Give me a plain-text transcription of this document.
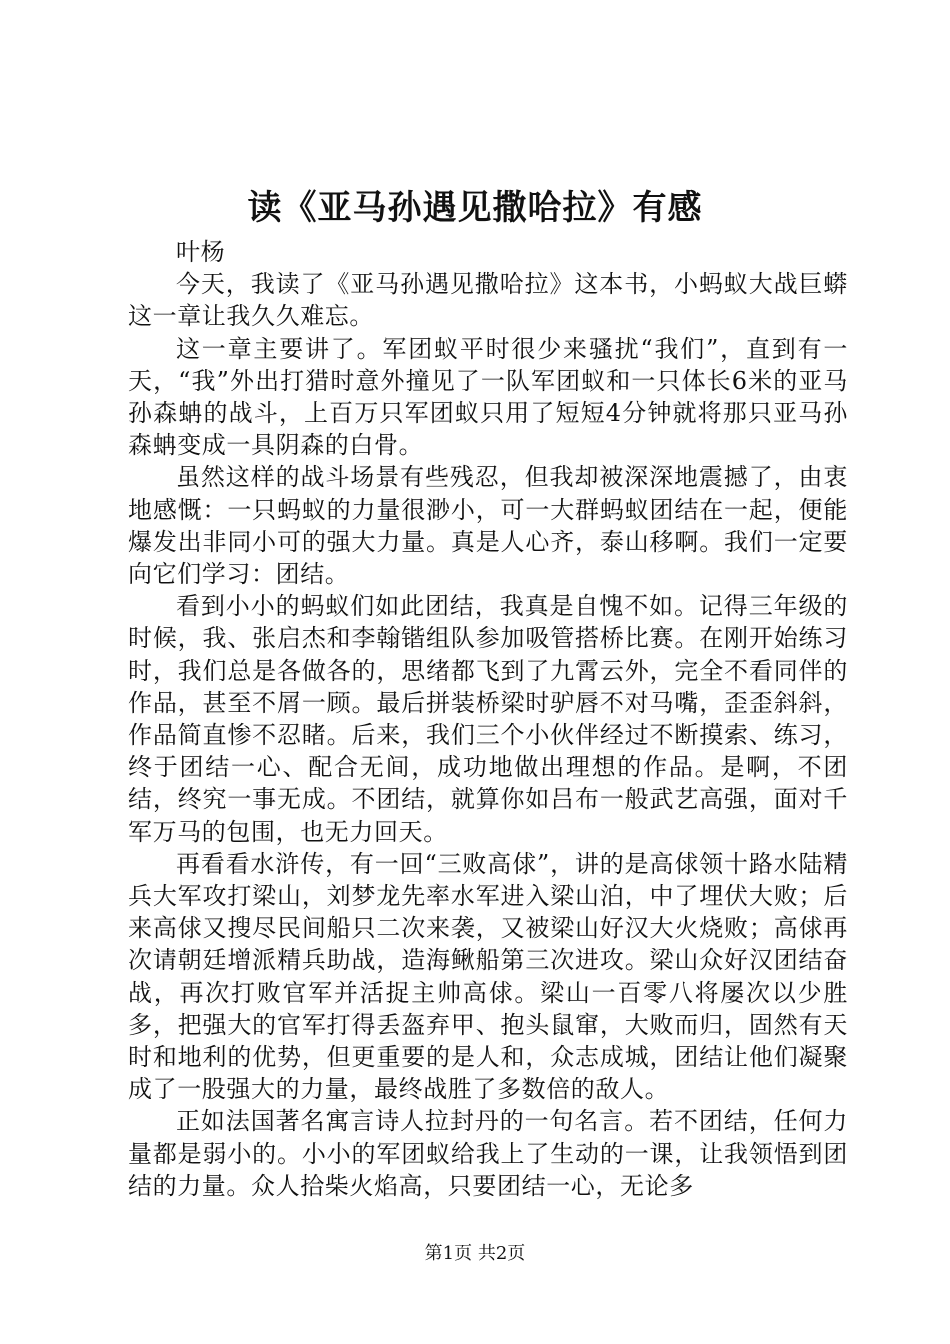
读《亚马孙遇见撒哈拉》有感
叶杨

今天，我读了《亚马孙遇见撒哈拉》这本书，小蚂蚁大战巨蟒这一章让我久久难忘。

这一章主要讲了。军团蚁平时很少来骚扰“我们”，直到有一天，“我”外出打猎时意外撞见了一队军团蚁和一只体长6米的亚马孙森蚺的战斗，上百万只军团蚁只用了短短4分钟就将那只亚马孙森蚺变成一具阴森的白骨。

虽然这样的战斗场景有些残忍，但我却被深深地震撼了，由衷地感慨：一只蚂蚁的力量很渺小，可一大群蚂蚁团结在一起，便能爆发出非同小可的强大力量。真是人心齐，泰山移啊。我们一定要向它们学习：团结。

看到小小的蚂蚁们如此团结，我真是自愧不如。记得三年级的时候，我、张启杰和李翰锴组队参加吸管搭桥比赛。在刚开始练习时，我们总是各做各的，思绪都飞到了九霄云外，完全不看同伴的作品，甚至不屑一顾。最后拼装桥梁时驴唇不对马嘴，歪歪斜斜，作品简直惨不忍睹。后来，我们三个小伙伴经过不断摸索、练习，终于团结一心、配合无间，成功地做出理想的作品。是啊，不团结，终究一事无成。不团结，就算你如吕布一般武艺高强，面对千军万马的包围，也无力回天。

再看看水浒传，有一回“三败高俅”，讲的是高俅领十路水陆精兵大军攻打梁山，刘梦龙先率水军进入梁山泊，中了埋伏大败；后来高俅又搜尽民间船只二次来袭，又被梁山好汉大火烧败；高俅再次请朝廷增派精兵助战，造海鳅船第三次进攻。梁山众好汉团结奋战，再次打败官军并活捉主帅高俅。梁山一百零八将屡次以少胜多，把强大的官军打得丢盔弃甲、抱头鼠窜，大败而归，固然有天时和地利的优势，但更重要的是人和，众志成城，团结让他们凝聚成了一股强大的力量，最终战胜了多数倍的敌人。

正如法国著名寓言诗人拉封丹的一句名言。若不团结，任何力量都是弱小的。小小的军团蚁给我上了生动的一课，让我领悟到团结的力量。众人拾柴火焰高，只要团结一心，无论多

第1页 共2页
